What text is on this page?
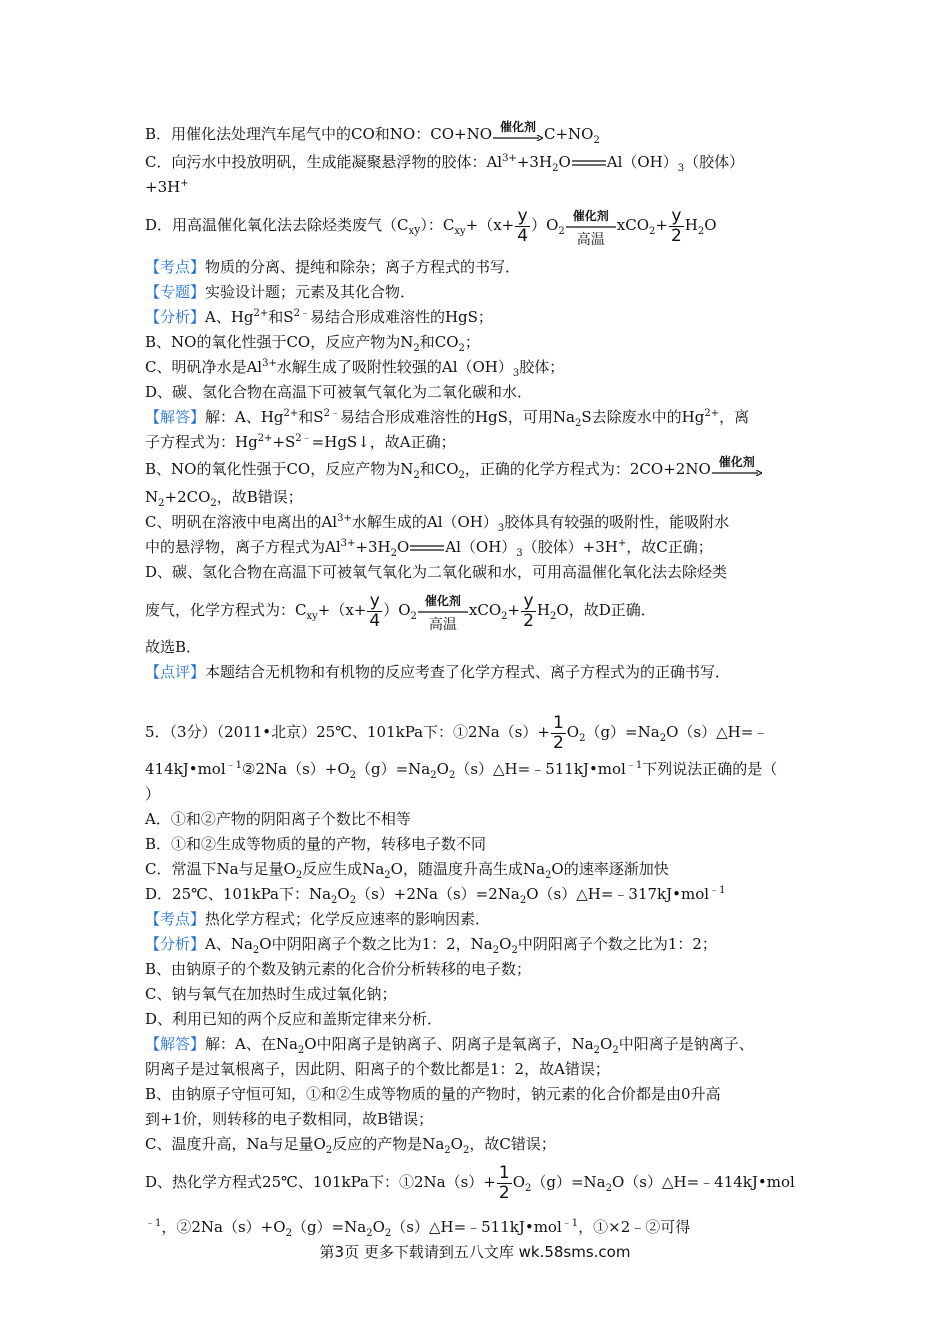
B．用催化法处理汽车尾气中的CO和NO：CO+NO 催化剂 $C+NO_2$
C．向污水中投放明矾，生成能凝聚悬浮物的胶体：$Al^{3+}+3H_2O$ $Al(OH)_3$（胶体）
+3H+
D．用高温催化氧化法去除烃类废气$(C_{xy})$：$C_{xy}+(x+ \frac{y}{4} )O_2$
催化剂
高温
$xCO_2+ \frac{y}{2} H_2O$
【考点】物质的分离、提纯和除杂；离子方程式的书写．
【专题】实验设计题；元素及其化合物．
【分析】A、$Hg^{2+}$和$S^{2﹣}$易结合形成难溶性的HgS；
B、NO的氧化性强于CO，反应产物为$N_2$和$CO_2$；
C、明矾净水是$Al^{3+}$水解生成了吸附性较强的$Al(OH)_3$胶体；
D、碳、氢化合物在高温下可被氧气氧化为二氧化碳和水．
【解答】解：A、$Hg^{2+}$和$S^{2﹣}$易结合形成难溶性的HgS，可用$Na_2S$去除废水中的$Hg^{2+}$，离
子方程式为：$Hg^{2+}+S^{2﹣}=HgS↓$，故A正确；
B、NO的氧化性强于CO，反应产物为$N_2$和$CO_2$，正确的化学方程式为：2CO+2NO 催化剂
$N_2+2CO_2$，故B错误；
C、明矾在溶液中电离出的$Al^{3+}$水解生成的$Al(OH)_3$胶体具有较强的吸附性，能吸附水
中的悬浮物，离子方程式为$Al^{3+}+3H_2O$ $Al(OH)_3$（胶体）+3H+，故C正确；
D、碳、氢化合物在高温下可被氧气氧化为二氧化碳和水，可用高温催化氧化法去除烃类
废气，化学方程式为：$C_{xy}+(x+ \frac{y}{4} )O_2$
催化剂
高温
$xCO_2+ \frac{y}{2} H_2O$，故D正确．
故选B．
【点评】本题结合无机物和有机物的反应考查了化学方程式、离子方程式为的正确书写．
5．（3分）（2011•北京）25℃、101kPa下：①2Na（s）+ $\frac{1}{2}$ $O_2(g)=Na_2O(s)\triangle H=﹣$
$414kJ•mol^{﹣1}②2Na(s)+O_2(g)=Na_2O_2(s)\triangle H=﹣511kJ•mol^{﹣1}$下列说法正确的是（
）
A．①和②产物的阴阳离子个数比不相等
B．①和②生成等物质的量的产物，转移电子数不同
C．常温下Na与足量$O_2$反应生成$Na_2O$，随温度升高生成$Na_2O$的速率逐渐加快
D．25℃、101kPa下：$Na_2O_2(s)+2Na(s)=2Na_2O(s)\triangle H=﹣317kJ•mol^{﹣1}$
【考点】热化学方程式；化学反应速率的影响因素．
【分析】A、$Na_2O$中阴阳离子个数之比为1：2，$Na_2O_2$中阴阳离子个数之比为1：2；
B、由钠原子的个数及钠元素的化合价分析转移的电子数；
C、钠与氧气在加热时生成过氧化钠；
D、利用已知的两个反应和盖斯定律来分析．
【解答】解：A、在$Na_2O$中阳离子是钠离子、阴离子是氧离子，$Na_2O_2$中阳离子是钠离子、
阴离子是过氧根离子，因此阴、阳离子的个数比都是1：2，故A错误；
B、由钠原子守恒可知，①和②生成等物质的量的产物时，钠元素的化合价都是由0升高
到+1价，则转移的电子数相同，故B错误；
C、温度升高，Na与足量$O_2$反应的产物是$Na_2O_2$，故C错误；
D、热化学方程式25℃、101kPa下：①2Na（s）+ $\frac{1}{2}$ $O_2(g)=Na_2O(s)\triangle H=﹣414kJ•mol$
$^{﹣1}$，$②2Na(s)+O_2(g)=Na_2O_2(s)\triangle H=﹣511kJ•mol^{﹣1}$，①×2﹣②可得
第3页 更多下载请到五八文库 wk.58sms.com
